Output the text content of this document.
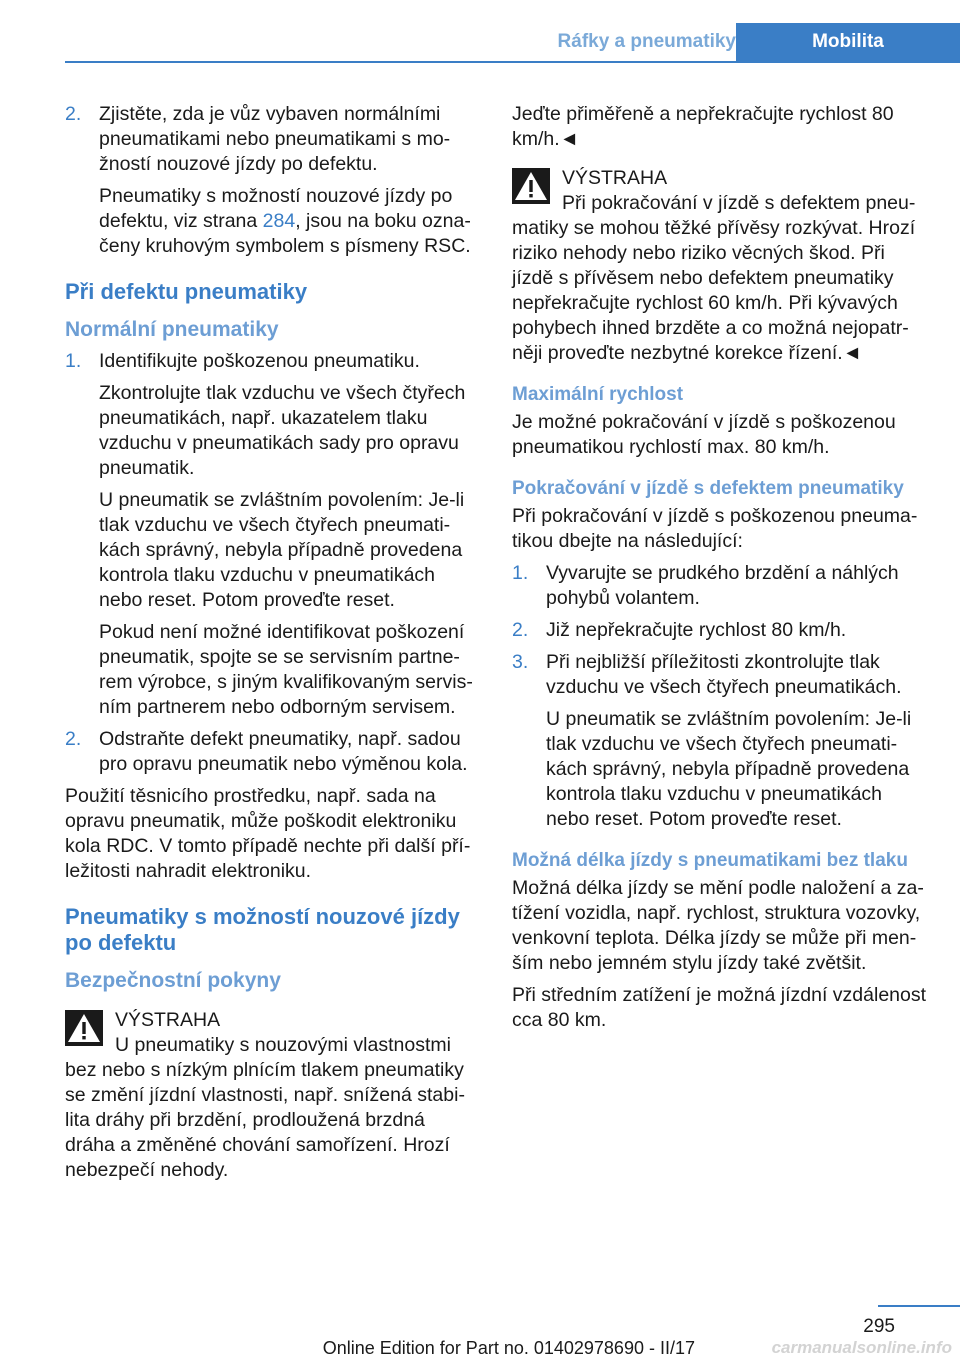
Ráfky a pneumatiky	Mobilita
2. Zjistěte, zda je vůz vybaven normálními pneumatikami nebo pneumatikami s možností nouzové jízdy po defektu.

Pneumatiky s možností nouzové jízdy po defektu, viz strana 284, jsou na boku označeny kruhovým symbolem s písmeny RSC.

Při defektu pneumatiky
Normální pneumatiky
1. Identifikujte poškozenou pneumatiku.

Zkontrolujte tlak vzduchu ve všech čtyřech pneumatikách, např. ukazatelem tlaku vzduchu v pneumatikách sady pro opravu pneumatik.

U pneumatik se zvláštním povolením: Je-li tlak vzduchu ve všech čtyřech pneumatikách správný, nebyla případně provedena kontrola tlaku vzduchu v pneumatikách nebo reset. Potom proveďte reset.

Pokud není možné identifikovat poškození pneumatik, spojte se se servisním partnerem výrobce, s jiným kvalifikovaným servisním partnerem nebo odborným servisem.

2. Odstraňte defekt pneumatiky, např. sadou pro opravu pneumatik nebo výměnou kola.

Použití těsnicího prostředku, např. sada na opravu pneumatik, může poškodit elektroniku kola RDC. V tomto případě nechte při další příležitosti nahradit elektroniku.

Pneumatiky s možností nouzové jízdy po defektu
Bezpečnostní pokyny
VÝSTRAHA
U pneumatiky s nouzovými vlastnostmi bez nebo s nízkým plnícím tlakem pneumatiky se změní jízdní vlastnosti, např. snížená stabilita dráhy při brzdění, prodloužená brzdná dráha a změněné chování samořízení. Hrozí nebezpečí nehody.

Jeďte přiměřeně a nepřekračujte rychlost 80 km/h.◄

VÝSTRAHA
Při pokračování v jízdě s defektem pneumatiky se mohou těžké přívěsy rozkývat. Hrozí riziko nehody nebo riziko věcných škod. Při jízdě s přívěsem nebo defektem pneumatiky nepřekračujte rychlost 60 km/h. Při kývavých pohybech ihned brzděte a co možná nejopatrněji proveďte nezbytné korekce řízení.◄
Maximální rychlost

Je možné pokračování v jízdě s poškozenou pneumatikou rychlostí max. 80 km/h.

Pokračování v jízdě s defektem pneumatiky

Při pokračování v jízdě s poškozenou pneumatikou dbejte na následující:

1. Vyvarujte se prudkého brzdění a náhlých pohybů volantem.
2. Již nepřekračujte rychlost 80 km/h.
3. Při nejbližší příležitosti zkontrolujte tlak vzduchu ve všech čtyřech pneumatikách.

U pneumatik se zvláštním povolením: Je-li tlak vzduchu ve všech čtyřech pneumatikách správný, nebyla případně provedena kontrola tlaku vzduchu v pneumatikách nebo reset. Potom proveďte reset.

Možná délka jízdy s pneumatikami bez tlaku

Možná délka jízdy se mění podle naložení a zatížení vozidla, např. rychlost, struktura vozovky, venkovní teplota. Délka jízdy se může při menším nebo jemném stylu jízdy také zvětšit.

Při středním zatížení je možná jízdní vzdálenost cca 80 km.

295
Online Edition for Part no. 01402978690 - II/17	carmanualsonline.info
